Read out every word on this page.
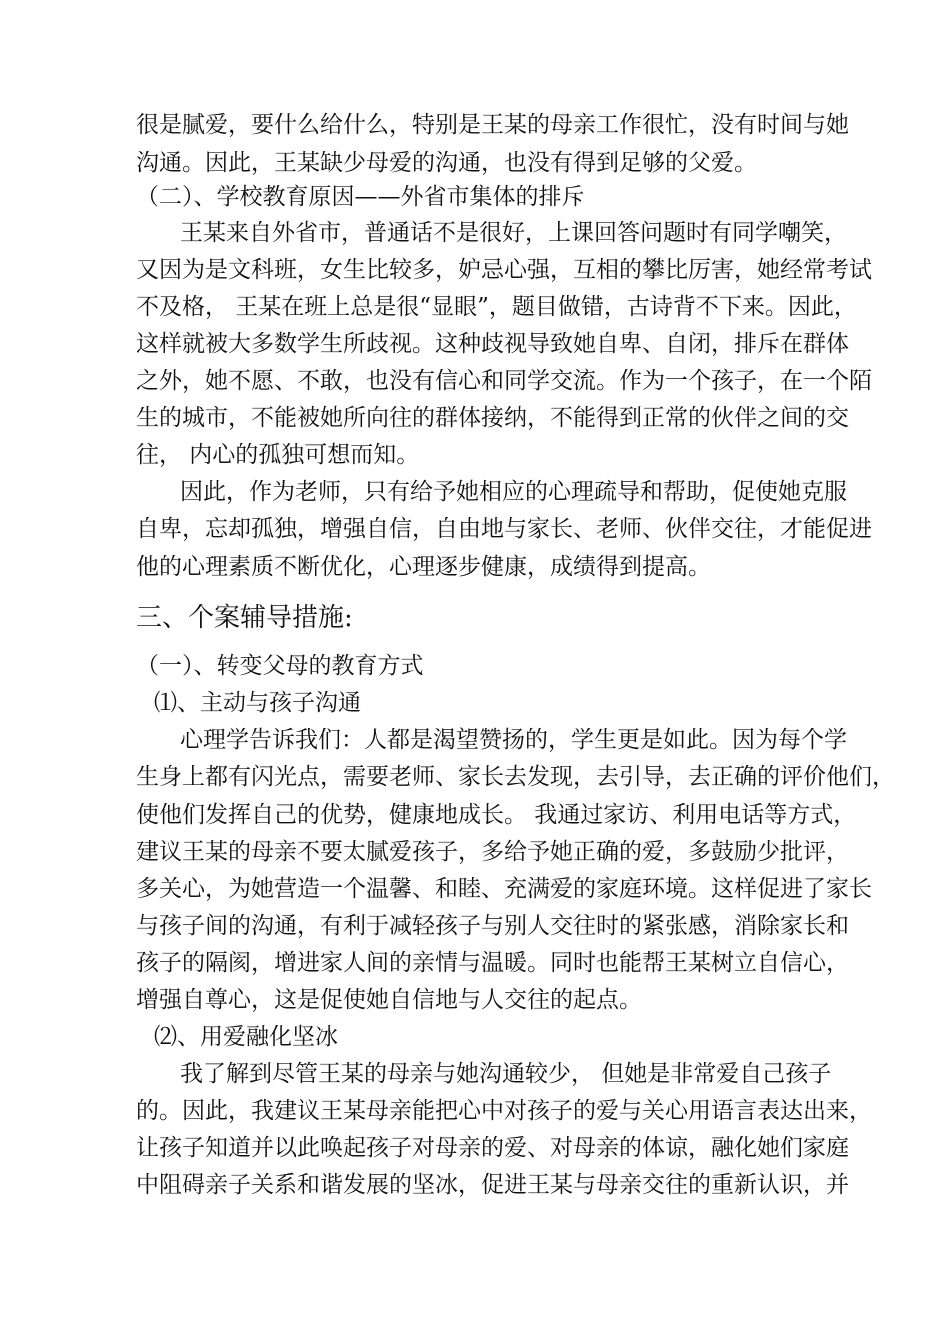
很是腻爱，要什么给什么，特别是王某的母亲工作很忙，没有时间与她

沟通。因此，王某缺少母爱的沟通，也没有得到足够的父爱。

（二）、学校教育原因——外省市集体的排斥

王某来自外省市，普通话不是很好，上课回答问题时有同学嘲笑，

又因为是文科班，女生比较多，妒忌心强，互相的攀比厉害，她经常考试

不及格， 王某在班上总是很“显眼”，题目做错，古诗背不下来。因此，

这样就被大多数学生所歧视。这种歧视导致她自卑、自闭，排斥在群体

之外，她不愿、不敢，也没有信心和同学交流。作为一个孩子，在一个陌

生的城市，不能被她所向往的群体接纳，不能得到正常的伙伴之间的交

往， 内心的孤独可想而知。

因此，作为老师，只有给予她相应的心理疏导和帮助，促使她克服

自卑，忘却孤独，增强自信，自由地与家长、老师、伙伴交往，才能促进

他的心理素质不断优化，心理逐步健康，成绩得到提高。

三、个案辅导措施:

（一）、转变父母的教育方式

⑴、主动与孩子沟通

心理学告诉我们：人都是渴望赞扬的，学生更是如此。因为每个学

生身上都有闪光点，需要老师、家长去发现，去引导，去正确的评价他们，

使他们发挥自己的优势，健康地成长。 我通过家访、利用电话等方式，

建议王某的母亲不要太腻爱孩子，多给予她正确的爱，多鼓励少批评，

多关心，为她营造一个温馨、和睦、充满爱的家庭环境。这样促进了家长

与孩子间的沟通，有利于减轻孩子与别人交往时的紧张感，消除家长和

孩子的隔阂，增进家人间的亲情与温暖。同时也能帮王某树立自信心，

增强自尊心，这是促使她自信地与人交往的起点。

⑵、用爱融化坚冰

我了解到尽管王某的母亲与她沟通较少， 但她是非常爱自己孩子

的。因此，我建议王某母亲能把心中对孩子的爱与关心用语言表达出来，

让孩子知道并以此唤起孩子对母亲的爱、对母亲的体谅，融化她们家庭

中阻碍亲子关系和谐发展的坚冰，促进王某与母亲交往的重新认识，并
